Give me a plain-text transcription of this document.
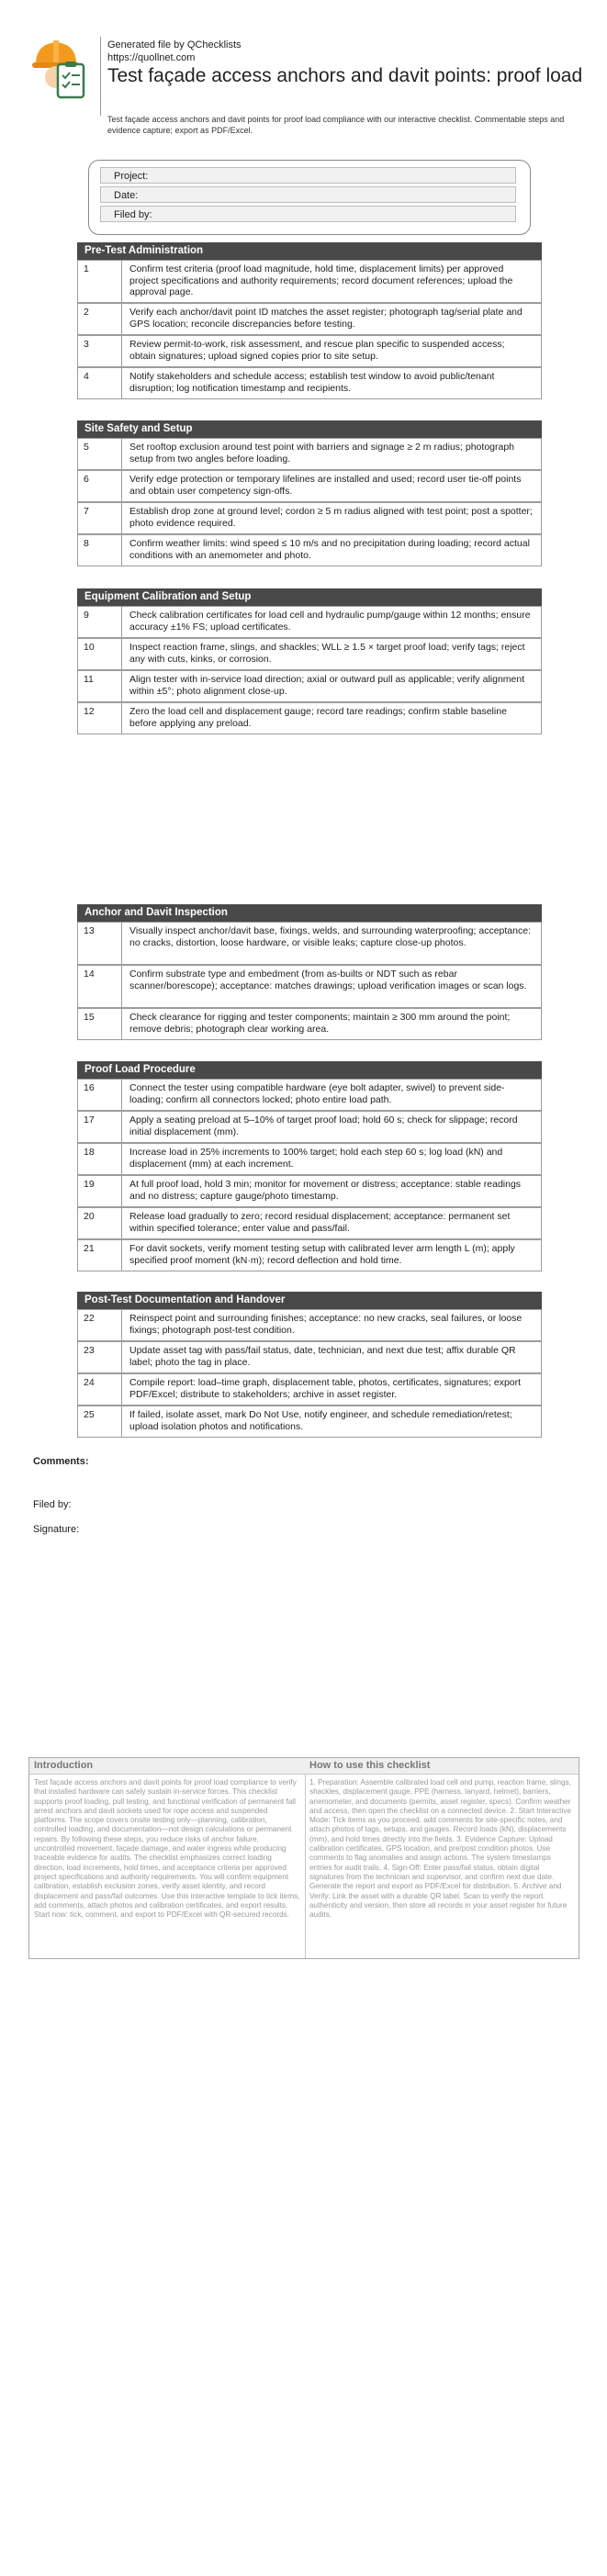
Generated file by QChecklists
https://quollnet.com
Test façade access anchors and davit points: proof load
Test façade access anchors and davit points for proof load compliance with our interactive checklist. Commentable steps and evidence capture; export as PDF/Excel.
Project:
Date:
Filed by:
Pre-Test Administration
1	Confirm test criteria (proof load magnitude, hold time, displacement limits) per approved project specifications and authority requirements; record document references; upload the approval page.
2	Verify each anchor/davit point ID matches the asset register; photograph tag/serial plate and GPS location; reconcile discrepancies before testing.
3	Review permit-to-work, risk assessment, and rescue plan specific to suspended access; obtain signatures; upload signed copies prior to site setup.
4	Notify stakeholders and schedule access; establish test window to avoid public/tenant disruption; log notification timestamp and recipients.
Site Safety and Setup
5	Set rooftop exclusion around test point with barriers and signage ≥ 2 m radius; photograph setup from two angles before loading.
6	Verify edge protection or temporary lifelines are installed and used; record user tie-off points and obtain user competency sign-offs.
7	Establish drop zone at ground level; cordon ≥ 5 m radius aligned with test point; post a spotter; photo evidence required.
8	Confirm weather limits: wind speed ≤ 10 m/s and no precipitation during loading; record actual conditions with an anemometer and photo.
Equipment Calibration and Setup
9	Check calibration certificates for load cell and hydraulic pump/gauge within 12 months; ensure accuracy ±1% FS; upload certificates.
10	Inspect reaction frame, slings, and shackles; WLL ≥ 1.5 × target proof load; verify tags; reject any with cuts, kinks, or corrosion.
11	Align tester with in-service load direction; axial or outward pull as applicable; verify alignment within ±5°; photo alignment close-up.
12	Zero the load cell and displacement gauge; record tare readings; confirm stable baseline before applying any preload.
Anchor and Davit Inspection
13	Visually inspect anchor/davit base, fixings, welds, and surrounding waterproofing; acceptance: no cracks, distortion, loose hardware, or visible leaks; capture close-up photos.
14	Confirm substrate type and embedment (from as-builts or NDT such as rebar scanner/borescope); acceptance: matches drawings; upload verification images or scan logs.
15	Check clearance for rigging and tester components; maintain ≥ 300 mm around the point; remove debris; photograph clear working area.
Proof Load Procedure
16	Connect the tester using compatible hardware (eye bolt adapter, swivel) to prevent side-loading; confirm all connectors locked; photo entire load path.
17	Apply a seating preload at 5–10% of target proof load; hold 60 s; check for slippage; record initial displacement (mm).
18	Increase load in 25% increments to 100% target; hold each step 60 s; log load (kN) and displacement (mm) at each increment.
19	At full proof load, hold 3 min; monitor for movement or distress; acceptance: stable readings and no distress; capture gauge/photo timestamp.
20	Release load gradually to zero; record residual displacement; acceptance: permanent set within specified tolerance; enter value and pass/fail.
21	For davit sockets, verify moment testing setup with calibrated lever arm length L (m); apply specified proof moment (kN·m); record deflection and hold time.
Post-Test Documentation and Handover
22	Reinspect point and surrounding finishes; acceptance: no new cracks, seal failures, or loose fixings; photograph post-test condition.
23	Update asset tag with pass/fail status, date, technician, and next due test; affix durable QR label; photo the tag in place.
24	Compile report: load–time graph, displacement table, photos, certificates, signatures; export PDF/Excel; distribute to stakeholders; archive in asset register.
25	If failed, isolate asset, mark Do Not Use, notify engineer, and schedule remediation/retest; upload isolation photos and notifications.
Comments:
Filed by:
Signature:
Introduction
Test façade access anchors and davit points for proof load compliance to verify that installed hardware can safely sustain in-service forces. This checklist supports proof loading, pull testing, and functional verification of permanent fall arrest anchors and davit sockets used for rope access and suspended platforms. The scope covers onsite testing only—planning, calibration, controlled loading, and documentation—not design calculations or permanent repairs. By following these steps, you reduce risks of anchor failure, uncontrolled movement, façade damage, and water ingress while producing traceable evidence for audits. The checklist emphasizes correct loading direction, load increments, hold times, and acceptance criteria per approved project specifications and authority requirements. You will confirm equipment calibration, establish exclusion zones, verify asset identity, and record displacement and pass/fail outcomes. Use this interactive template to tick items, add comments, attach photos and calibration certificates, and export results. Start now: tick, comment, and export to PDF/Excel with QR-secured records.
How to use this checklist
1. Preparation: Assemble calibrated load cell and pump, reaction frame, slings, shackles, displacement gauge, PPE (harness, lanyard, helmet), barriers, anemometer, and documents (permits, asset register, specs). Confirm weather and access, then open the checklist on a connected device. 2. Start Interactive Mode: Tick items as you proceed, add comments for site-specific notes, and attach photos of tags, setups, and gauges. Record loads (kN), displacements (mm), and hold times directly into the fields. 3. Evidence Capture: Upload calibration certificates, GPS location, and pre/post condition photos. Use comments to flag anomalies and assign actions. The system timestamps entries for audit trails. 4. Sign-Off: Enter pass/fail status, obtain digital signatures from the technician and supervisor, and confirm next due date. Generate the report and export as PDF/Excel for distribution. 5. Archive and Verify: Link the asset with a durable QR label. Scan to verify the report authenticity and version, then store all records in your asset register for future audits.
